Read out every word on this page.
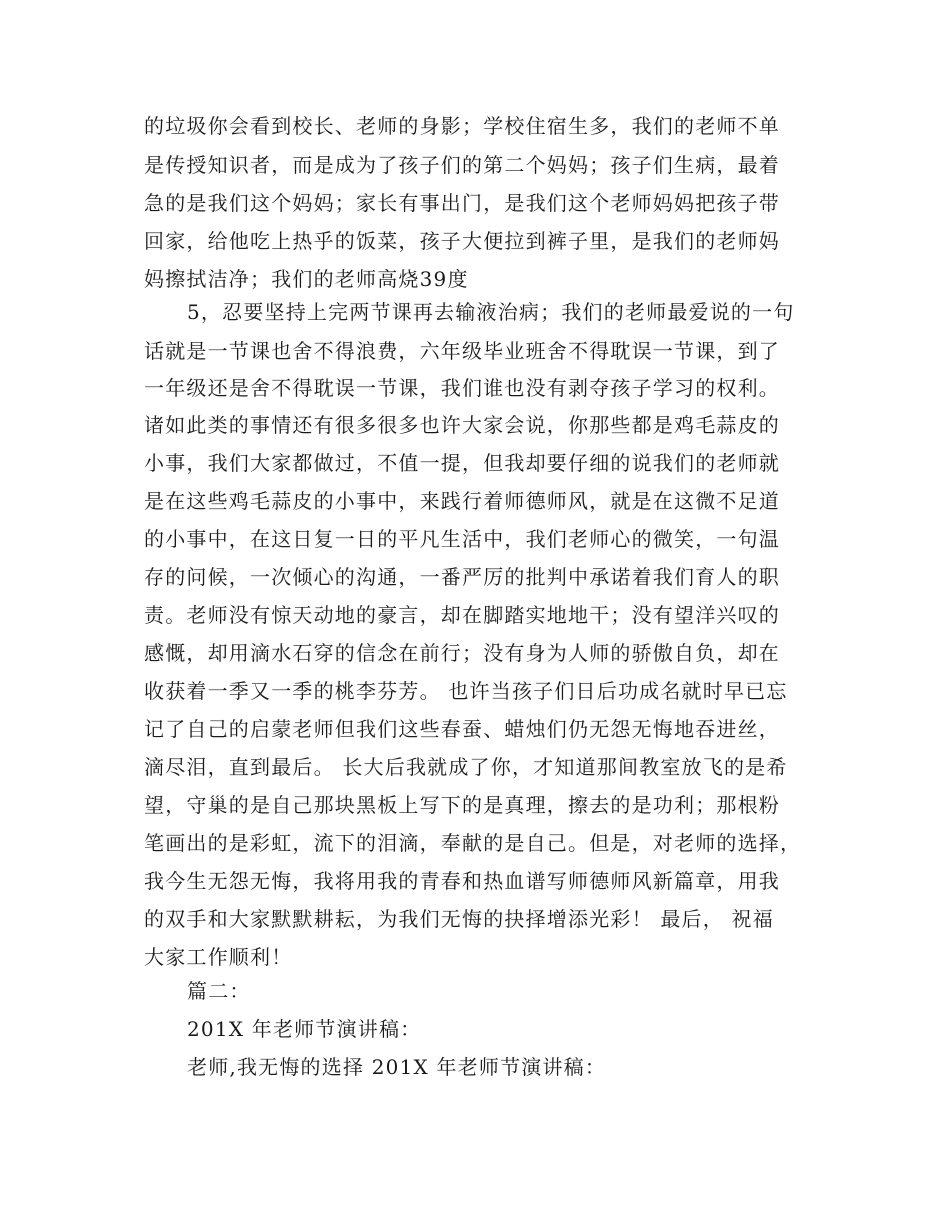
的垃圾你会看到校长、老师的身影；学校住宿生多，我们的老师不单
是传授知识者，而是成为了孩子们的第二个妈妈；孩子们生病，最着
急的是我们这个妈妈；家长有事出门，是我们这个老师妈妈把孩子带
回家，给他吃上热乎的饭菜，孩子大便拉到裤子里，是我们的老师妈
妈擦拭洁净；我们的老师高烧39度
5，忍要坚持上完两节课再去输液治病；我们的老师最爱说的一句
话就是一节课也舍不得浪费，六年级毕业班舍不得耽误一节课，到了
一年级还是舍不得耽误一节课，我们谁也没有剥夺孩子学习的权利。
诸如此类的事情还有很多很多也许大家会说，你那些都是鸡毛蒜皮的
小事，我们大家都做过，不值一提，但我却要仔细的说我们的老师就
是在这些鸡毛蒜皮的小事中，来践行着师德师风，就是在这微不足道
的小事中，在这日复一日的平凡生活中，我们老师心的微笑，一句温
存的问候，一次倾心的沟通，一番严厉的批判中承诺着我们育人的职
责。老师没有惊天动地的豪言，却在脚踏实地地干；没有望洋兴叹的
感慨，却用滴水石穿的信念在前行；没有身为人师的骄傲自负，却在
收获着一季又一季的桃李芬芳。 也许当孩子们日后功成名就时早已忘
记了自己的启蒙老师但我们这些春蚕、蜡烛们仍无怨无悔地吞进丝，
滴尽泪，直到最后。 长大后我就成了你，才知道那间教室放飞的是希
望，守巢的是自己那块黑板上写下的是真理，擦去的是功利；那根粉
笔画出的是彩虹，流下的泪滴，奉献的是自己。但是，对老师的选择，
我今生无怨无悔，我将用我的青春和热血谱写师德师风新篇章，用我
的双手和大家默默耕耘，为我们无悔的抉择增添光彩！ 最后， 祝福
大家工作顺利！
篇二：
201X 年老师节演讲稿：
老师,我无悔的选择 201X 年老师节演讲稿：
